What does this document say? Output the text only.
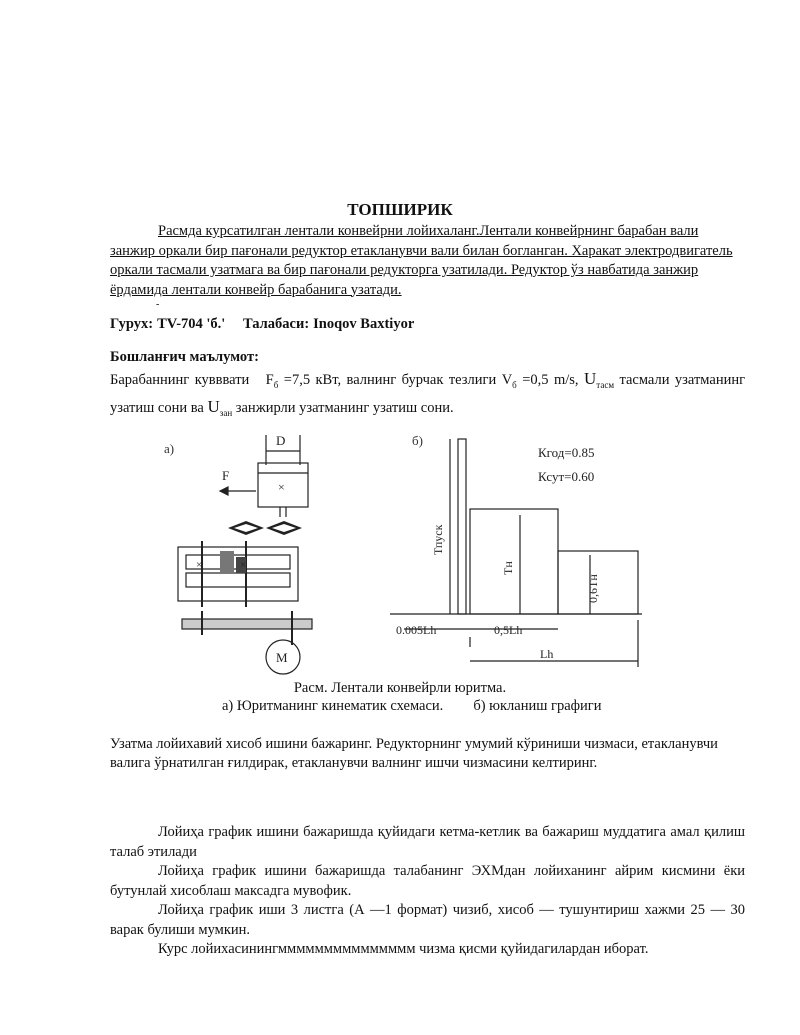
ТОПШИРИК
Расмда курсатилган лентали конвейрни лойихаланг.Лентали конвейрнинг барабан вали занжир оркали бир пағонали редуктор етакланувчи вали билан богланган. Харакат электродвигатель оркали тасмали узатмага ва бир пағонали редукторга узатилади. Редуктор ўз навбатида занжир ёрдамида лентали конвейр барабанига узатади.
-
Гурух: TV-704 'б.' Талабаси: Inoqov Baxtiyor
Бошланғич маълумот:
Барабаннинг кувввати $F_б =7,5$ кВт, валнинг бурчак тезлиги $V_б =0,5$ m/s, $U_{тасм}$ тасмали узатманинг узатиш сони ва $U_{зан}$ занжирли узатманинг узатиш сони.
а)
D
×
F
×	×
M
б)
Кгод=0.85
Ксут=0.60
Тпуск
Тн
0,6Тн
0.005Lh	0,5Lh
Lh
Расм. Лентали конвейрли юритма.
а) Юритманинг кинематик схемаси. б) юкланиш графиги
Узатма лойихавий хисоб ишини бажаринг. Редукторнинг умумий кўриниши чизмаси, етакланувчи валига ўрнатилган ғилдирак, етакланувчи валнинг ишчи чизмасини келтиринг.

Лойиҳа график ишини бажаришда қуйидаги кетма-кетлик ва бажариш муддатига амал қилиш талаб этилади

Лойиҳа график ишини бажаришда талабанинг ЭХМдан лойиханинг айрим кисмини ёки бутунлай хисоблаш максадга мувофик.

Лойиҳа график иши 3 листга (А —1 формат) чизиб, хисоб — тушунтириш хажми 25 — 30 варак булиши мумкин.

Курс лойихасинингммммммммммммммм чизма қисми қуйидагилардан иборат.
